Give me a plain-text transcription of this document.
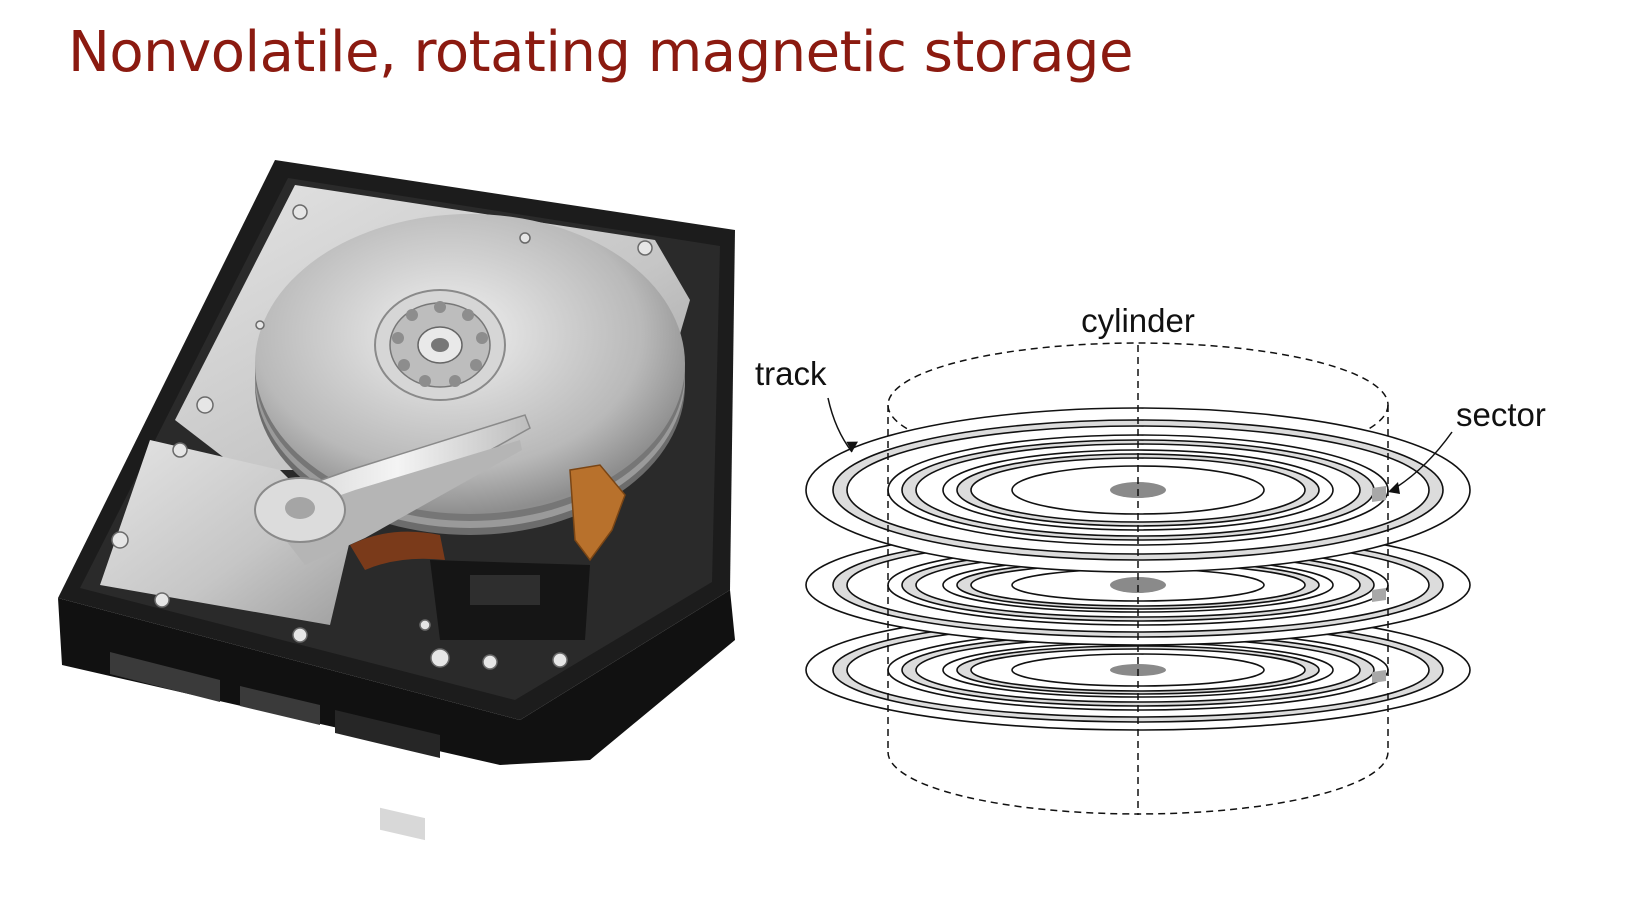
Nonvolatile, rotating magnetic storage
cylinder
track
sector
